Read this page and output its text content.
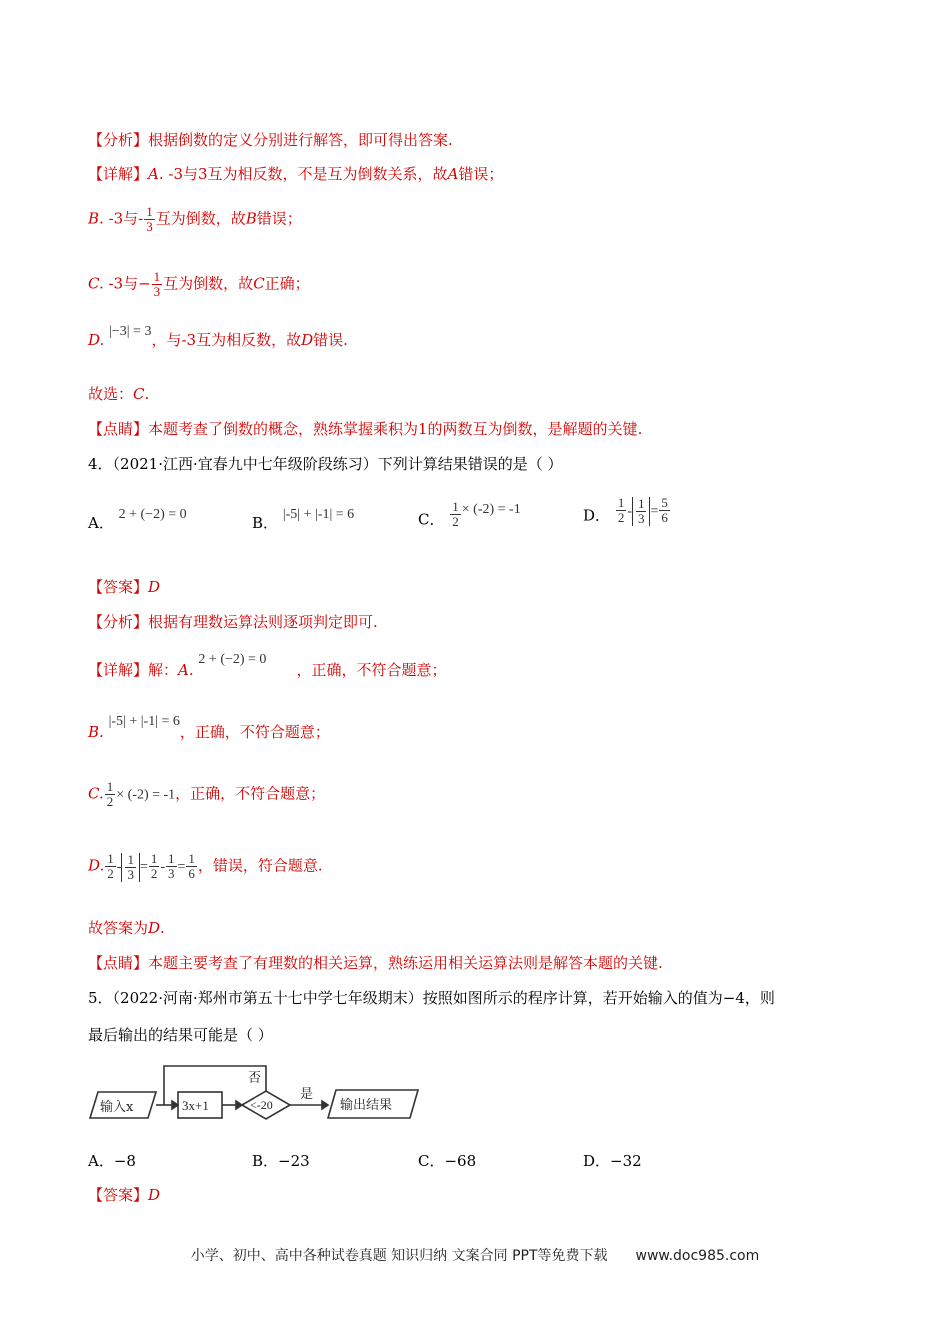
【分析】根据倒数的定义分别进行解答，即可得出答案.
【详解】A. -3与3互为相反数，不是互为倒数关系，故A错误；
B. -3与- $\frac{1}{3}$ 互为倒数，故B错误；
C. -3与− $\frac{1}{3}$ 互为倒数，故C正确；
D. |−3| = 3，与-3互为相反数，故D错误.
故选：C.
【点睛】本题考查了倒数的概念，熟练掌握乘积为1的两数互为倒数，是解题的关键.
4．（2021·江西·宜春九中七年级阶段练习）下列计算结果错误的是（ ）
A． 2 + (−2) = 0	B． |-5| + |-1| = 6	C． $\frac{1}{2} \times (-2) = -1$	D． $\frac{1}{2} - \frac{1}{3} = \frac{5}{6}$
【答案】D
【分析】根据有理数运算法则逐项判定即可.
【详解】解：A. 2 + (−2) = 0，正确，不符合题意；
B. |-5| + |-1| = 6，正确，不符合题意；
C. $\frac{1}{2} \times (-2) = -1$，正确，不符合题意；
D. $\frac{1}{2} - \frac{1}{3} = \frac{1}{2} - \frac{1}{3} = \frac{1}{6}$ ，错误，符合题意.
故答案为D.
【点睛】本题主要考查了有理数的相关运算，熟练运用相关运算法则是解答本题的关键.
5．（2022·河南·郑州市第五十七中学七年级期末）按照如图所示的程序计算，若开始输入的值为−4，则
最后输出的结果可能是（ ）
输入x	3x+1	<-20
否
是
输出结果
A．−8	B．−23	C．−68	D．−32
【答案】D
小学、初中、高中各种试卷真题 知识归纳 文案合同 PPT等免费下载 www.doc985.com
